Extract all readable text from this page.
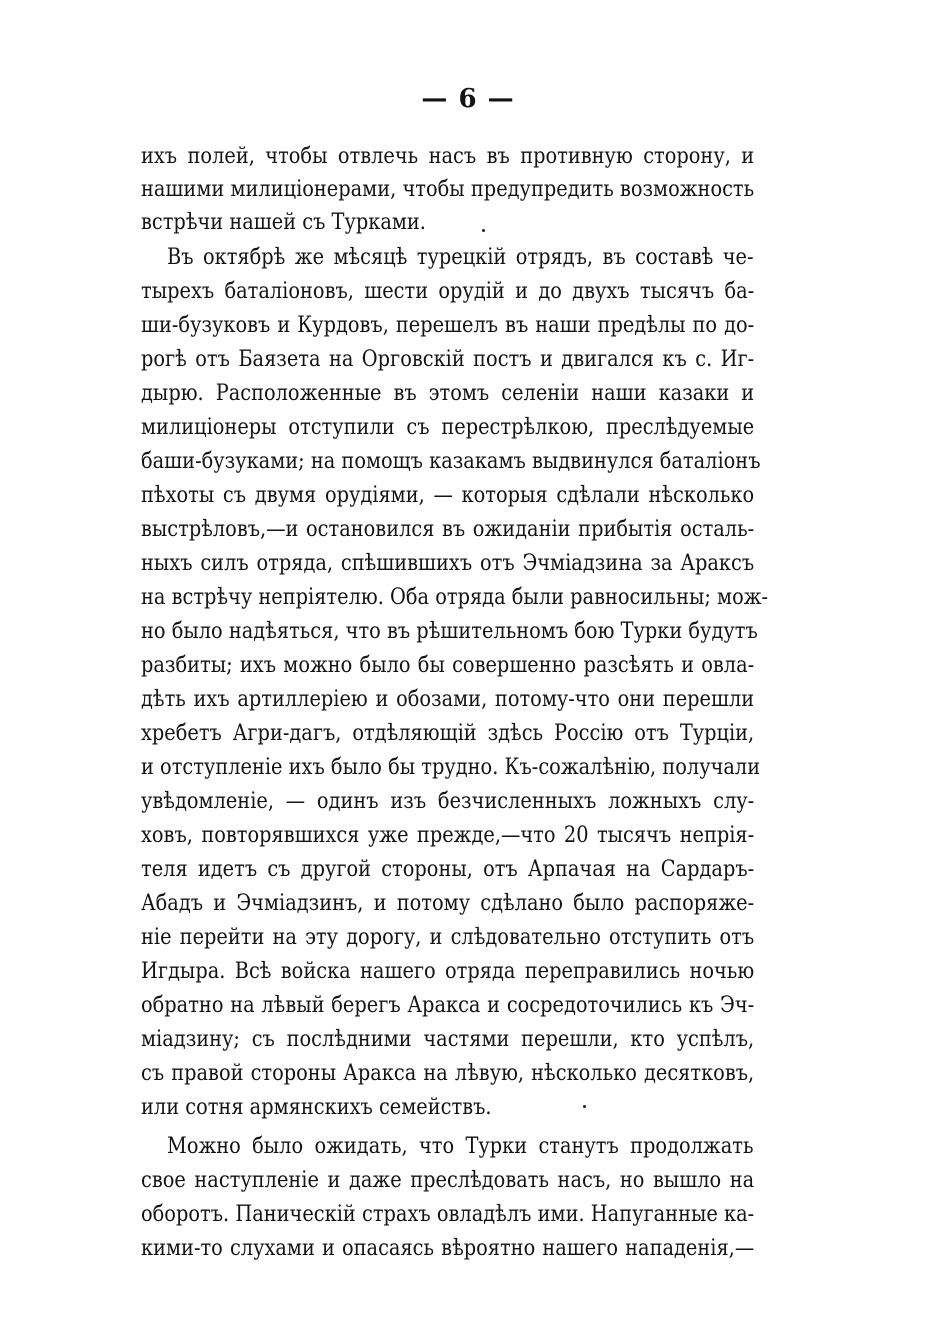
— 6 —
ихъ полей, чтобы отвлечь насъ въ противную сторону, и
нашими милиціонерами, чтобы предупредить возможность
встрѣчи нашей съ Турками.
Въ октябрѣ же мѣсяцѣ турецкій отрядъ, въ составѣ че-
тырехъ баталіоновъ, шести орудій и до двухъ тысячъ ба-
ши-бузуковъ и Курдовъ, перешелъ въ наши предѣлы по до-
рогѣ отъ Баязета на Орговскій постъ и двигался къ с. Иг-
дырю. Расположенные въ этомъ селеніи наши казаки и
милиціонеры отступили съ перестрѣлкою, преслѣдуемые
баши-бузуками; на помощъ казакамъ выдвинулся баталіонъ
пѣхоты съ двумя орудіями, — которыя сдѣлали нѣсколько
выстрѣловъ,—и остановился въ ожиданіи прибытія осталь-
ныхъ силъ отряда, спѣшившихъ отъ Эчміадзина за Араксъ
на встрѣчу непріятелю. Оба отряда были равносильны; мож-
но было надѣяться, что въ рѣшительномъ бою Турки будутъ
разбиты; ихъ можно было бы совершенно разсѣять и овла-
дѣть ихъ артиллеріею и обозами, потому-что они перешли
хребетъ Агри-дагъ, отдѣляющій здѣсь Россію отъ Турціи,
и отступленіе ихъ было бы трудно. Къ-сожалѣнію, получали
увѣдомленіе, — одинъ изъ безчисленныхъ ложныхъ слу-
ховъ, повторявшихся уже прежде,—что 20 тысячъ непрія-
теля идетъ съ другой стороны, отъ Арпачая на Сардаръ-
Абадъ и Эчміадзинъ, и потому сдѣлано было распоряже-
ніе перейти на эту дорогу, и слѣдовательно отступить отъ
Игдыра. Всѣ войска нашего отряда переправились ночью
обратно на лѣвый берегъ Аракса и сосредоточились къ Эч-
міадзину; съ послѣдними частями перешли, кто успѣлъ,
съ правой стороны Аракса на лѣвую, нѣсколько десятковъ,
или сотня армянскихъ семействъ.
Можно было ожидать, что Турки станутъ продолжать
свое наступленіе и даже преслѣдовать насъ, но вышло на
оборотъ. Паническій страхъ овладѣлъ ими. Напуганные ка-
кими-то слухами и опасаясь вѣроятно нашего нападенія,—
